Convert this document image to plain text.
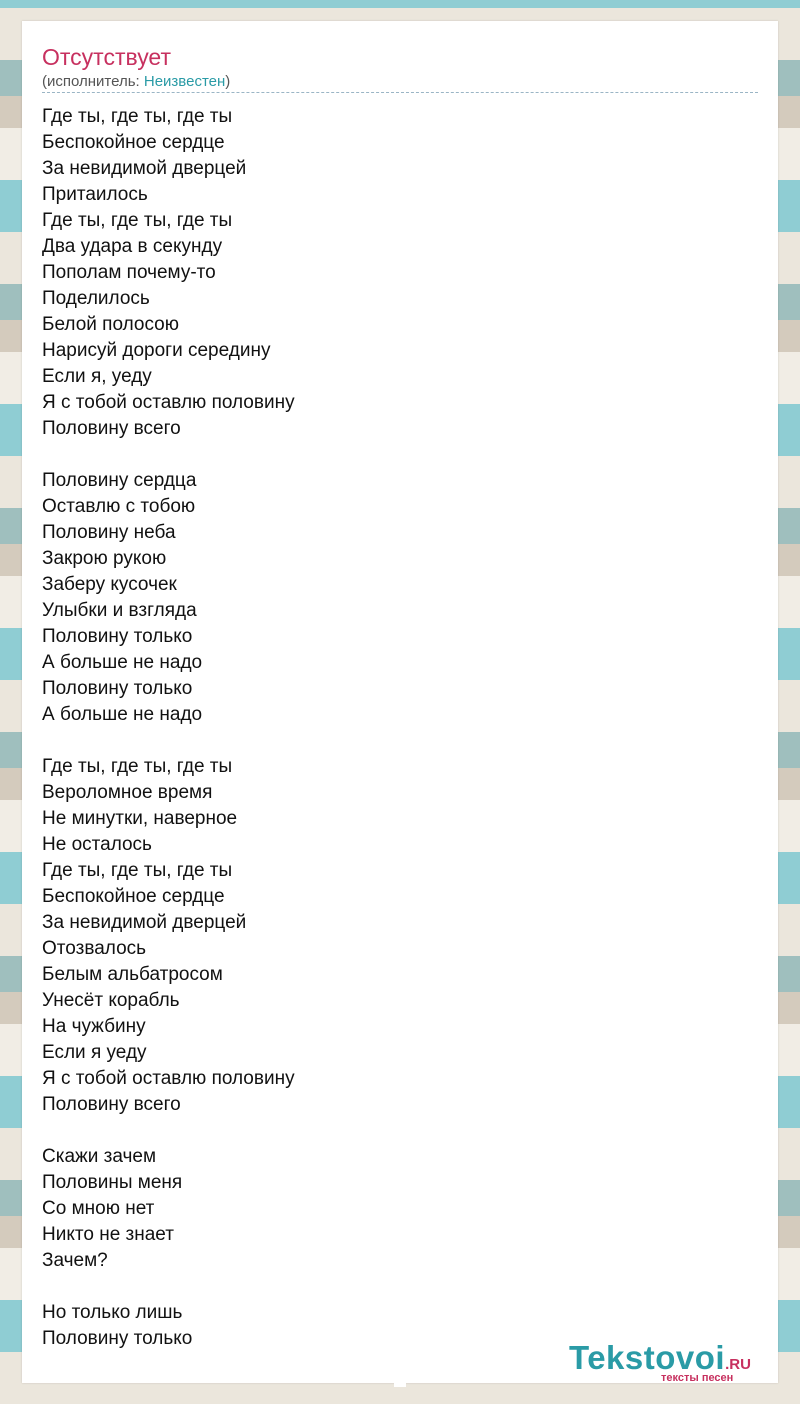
Отсутствует
(исполнитель: Неизвестен)
Где ты, где ты, где ты
Беспокойное сердце
За невидимой дверцей
Притаилось
Где ты, где ты, где ты
Два удара в секунду
Пополам почему-то
Поделилось
Белой полосою
Нарисуй дороги середину
Если я, уеду
Я с тобой оставлю половину
Половину всего
Половину сердца
Оставлю с тобою
Половину неба
Закрою рукою
Заберу кусочек
Улыбки и взгляда
Половину только
А больше не надо
Половину только
А больше не надо
Где ты, где ты, где ты
Вероломное время
Не минутки, наверное
Не осталось
Где ты, где ты, где ты
Беспокойное сердце
За невидимой дверцей
Отозвалось
Белым альбатросом
Унесёт корабль
На чужбину
Если я уеду
Я с тобой оставлю половину
Половину всего
Скажи зачем
Половины меня
Со мною нет
Никто не знает
Зачем?
Но только лишь
Половину только
Tekstovoi.RU
тексты песен
